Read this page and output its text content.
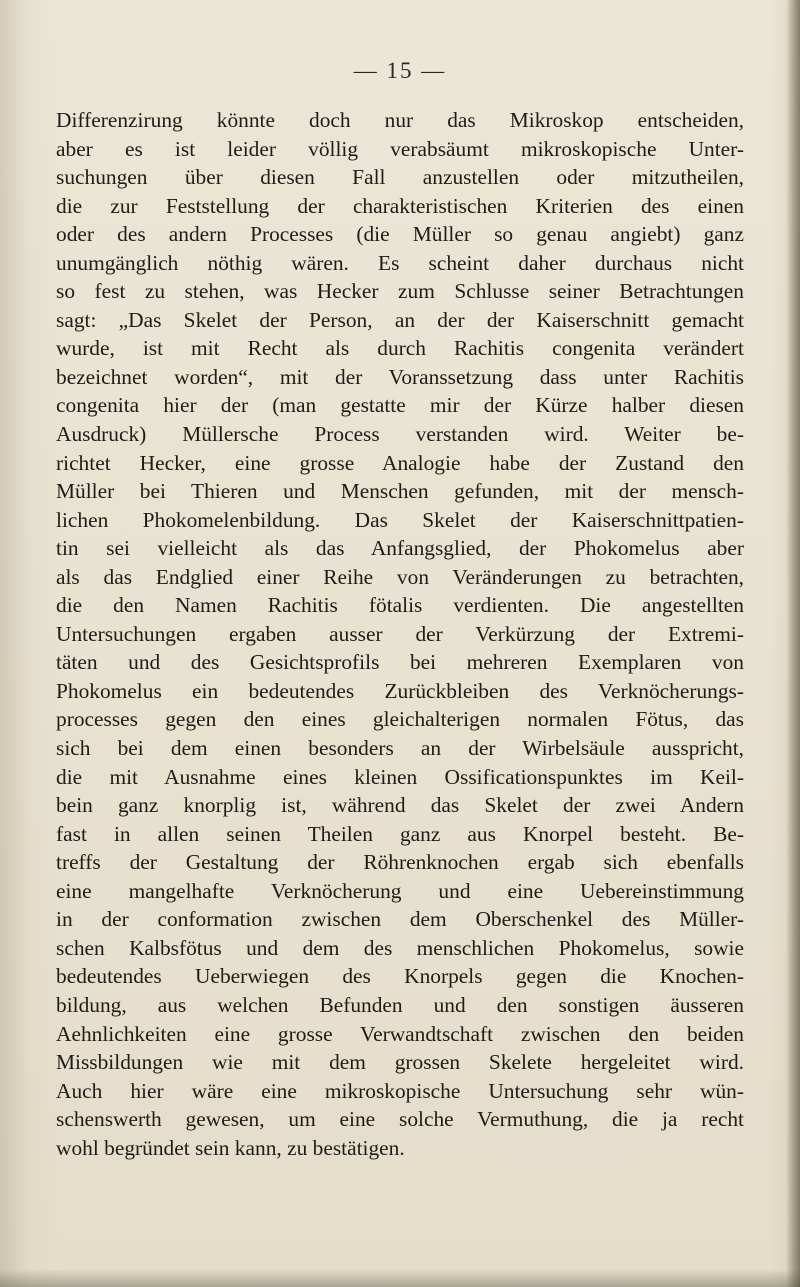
— 15 —
Differenzirung könnte doch nur das Mikroskop entscheiden,
aber es ist leider völlig verabsäumt mikroskopische Unter-
suchungen über diesen Fall anzustellen oder mitzutheilen,
die zur Feststellung der charakteristischen Kriterien des einen
oder des andern Processes (die Müller so genau angiebt) ganz
unumgänglich nöthig wären. Es scheint daher durchaus nicht
so fest zu stehen, was Hecker zum Schlusse seiner Betrachtungen
sagt: „Das Skelet der Person, an der der Kaiserschnitt gemacht
wurde, ist mit Recht als durch Rachitis congenita verändert
bezeichnet worden“, mit der Voranssetzung dass unter Rachitis
congenita hier der (man gestatte mir der Kürze halber diesen
Ausdruck) Müllersche Process verstanden wird. Weiter be-
richtet Hecker, eine grosse Analogie habe der Zustand den
Müller bei Thieren und Menschen gefunden, mit der mensch-
lichen Phokomelenbildung. Das Skelet der Kaiserschnittpatien-
tin sei vielleicht als das Anfangsglied, der Phokomelus aber
als das Endglied einer Reihe von Veränderungen zu betrachten,
die den Namen Rachitis fötalis verdienten. Die angestellten
Untersuchungen ergaben ausser der Verkürzung der Extremi-
täten und des Gesichtsprofils bei mehreren Exemplaren von
Phokomelus ein bedeutendes Zurückbleiben des Verknöcherungs-
processes gegen den eines gleichalterigen normalen Fötus, das
sich bei dem einen besonders an der Wirbelsäule ausspricht,
die mit Ausnahme eines kleinen Ossificationspunktes im Keil-
bein ganz knorplig ist, während das Skelet der zwei Andern
fast in allen seinen Theilen ganz aus Knorpel besteht. Be-
treffs der Gestaltung der Röhrenknochen ergab sich ebenfalls
eine mangelhafte Verknöcherung und eine Uebereinstimmung
in der conformation zwischen dem Oberschenkel des Müller-
schen Kalbsfötus und dem des menschlichen Phokomelus, sowie
bedeutendes Ueberwiegen des Knorpels gegen die Knochen-
bildung, aus welchen Befunden und den sonstigen äusseren
Aehnlichkeiten eine grosse Verwandtschaft zwischen den beiden
Missbildungen wie mit dem grossen Skelete hergeleitet wird.
Auch hier wäre eine mikroskopische Untersuchung sehr wün-
schenswerth gewesen, um eine solche Vermuthung, die ja recht
wohl begründet sein kann, zu bestätigen.
